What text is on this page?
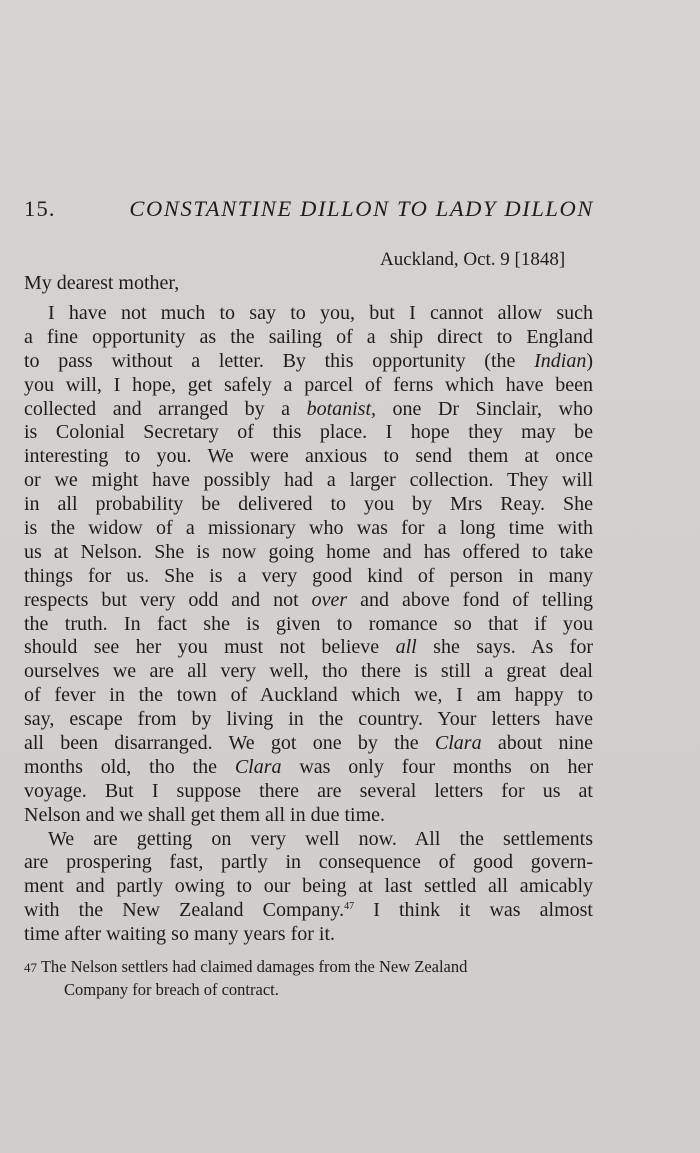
15.	CONSTANTINE DILLON TO LADY DILLON
Auckland, Oct. 9 [1848]
My dearest mother,
I have not much to say to you, but I cannot allow such
a fine opportunity as the sailing of a ship direct to England
to pass without a letter. By this opportunity (the Indian)
you will, I hope, get safely a parcel of ferns which have been
collected and arranged by a botanist, one Dr Sinclair, who
is Colonial Secretary of this place. I hope they may be
interesting to you. We were anxious to send them at once
or we might have possibly had a larger collection. They will
in all probability be delivered to you by Mrs Reay. She
is the widow of a missionary who was for a long time with
us at Nelson. She is now going home and has offered to take
things for us. She is a very good kind of person in many
respects but very odd and not over and above fond of telling
the truth. In fact she is given to romance so that if you
should see her you must not believe all she says. As for
ourselves we are all very well, tho there is still a great deal
of fever in the town of Auckland which we, I am happy to
say, escape from by living in the country. Your letters have
all been disarranged. We got one by the Clara about nine
months old, tho the Clara was only four months on her
voyage. But I suppose there are several letters for us at
Nelson and we shall get them all in due time.
We are getting on very well now. All the settlements
are prospering fast, partly in consequence of good govern-
ment and partly owing to our being at last settled all amicably
with the New Zealand Company.$^{47}$ I think it was almost
time after waiting so many years for it.
47 The Nelson settlers had claimed damages from the New Zealand
Company for breach of contract.
